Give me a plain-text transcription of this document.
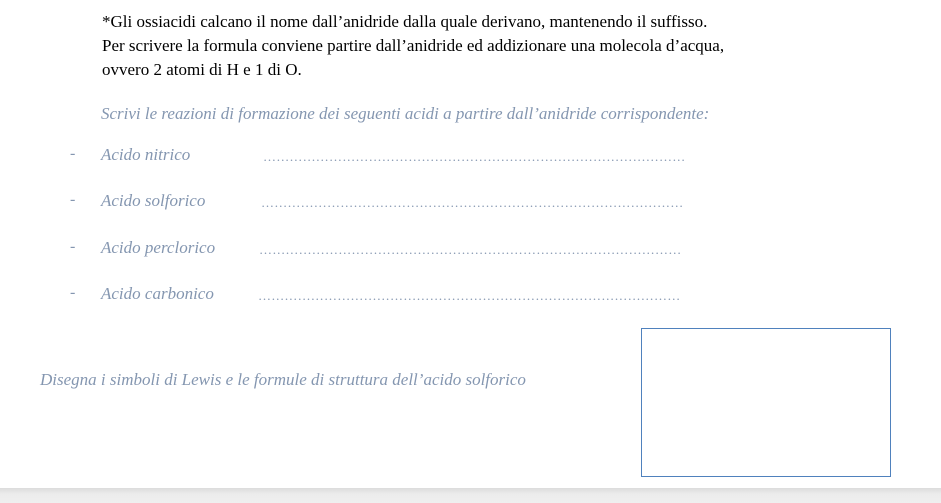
*Gli ossiacidi calcano il nome dall’anidride dalla quale derivano, mantenendo il suffisso.
Per scrivere la formula conviene partire dall’anidride ed addizionare una molecola d’acqua,
ovvero 2 atomi di H e 1 di O.
Scrivi le reazioni di formazione dei seguenti acidi a partire dall’anidride corrispondente:
- Acido nitrico	……………………………………………………………………………………
- Acido solforico	……………………………………………………………………………………
- Acido perclorico	……………………………………………………………………………………
- Acido carbonico	……………………………………………………………………………………
Disegna i simboli di Lewis e le formule di struttura dell’acido solforico
